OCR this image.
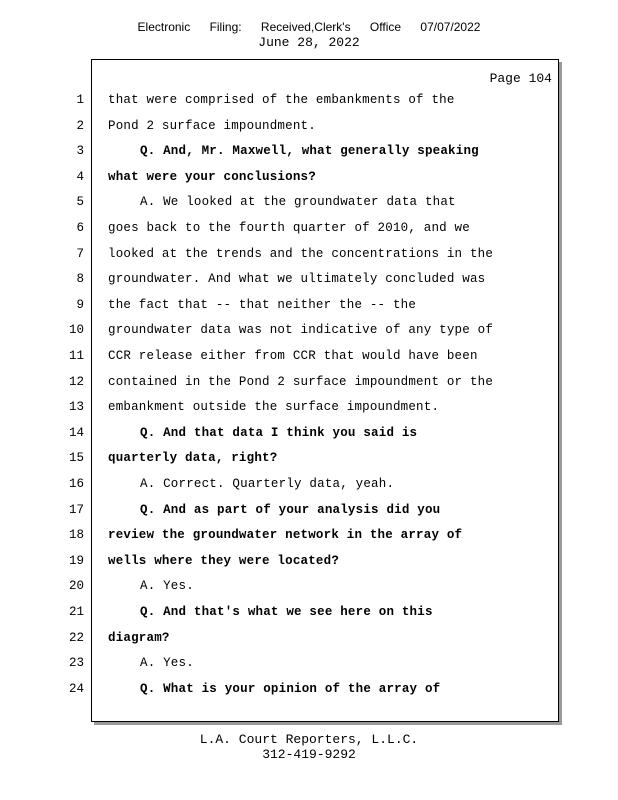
Electronic Filing: Received,Clerk's Office 07/07/2022
June 28, 2022
Page 104
1 that were comprised of the embankments of the
2 Pond 2 surface impoundment.
3	Q. And, Mr. Maxwell, what generally speaking
4 what were your conclusions?
5	A. We looked at the groundwater data that
6 goes back to the fourth quarter of 2010, and we
7 looked at the trends and the concentrations in the
8 groundwater. And what we ultimately concluded was
9 the fact that -- that neither the -- the
10 groundwater data was not indicative of any type of
11 CCR release either from CCR that would have been
12 contained in the Pond 2 surface impoundment or the
13 embankment outside the surface impoundment.
14	Q. And that data I think you said is
15 quarterly data, right?
16	A. Correct. Quarterly data, yeah.
17	Q. And as part of your analysis did you
18 review the groundwater network in the array of
19 wells where they were located?
20	A. Yes.
21	Q. And that's what we see here on this
22 diagram?
23	A. Yes.
24	Q. What is your opinion of the array of
L.A. Court Reporters, L.L.C.
312-419-9292
